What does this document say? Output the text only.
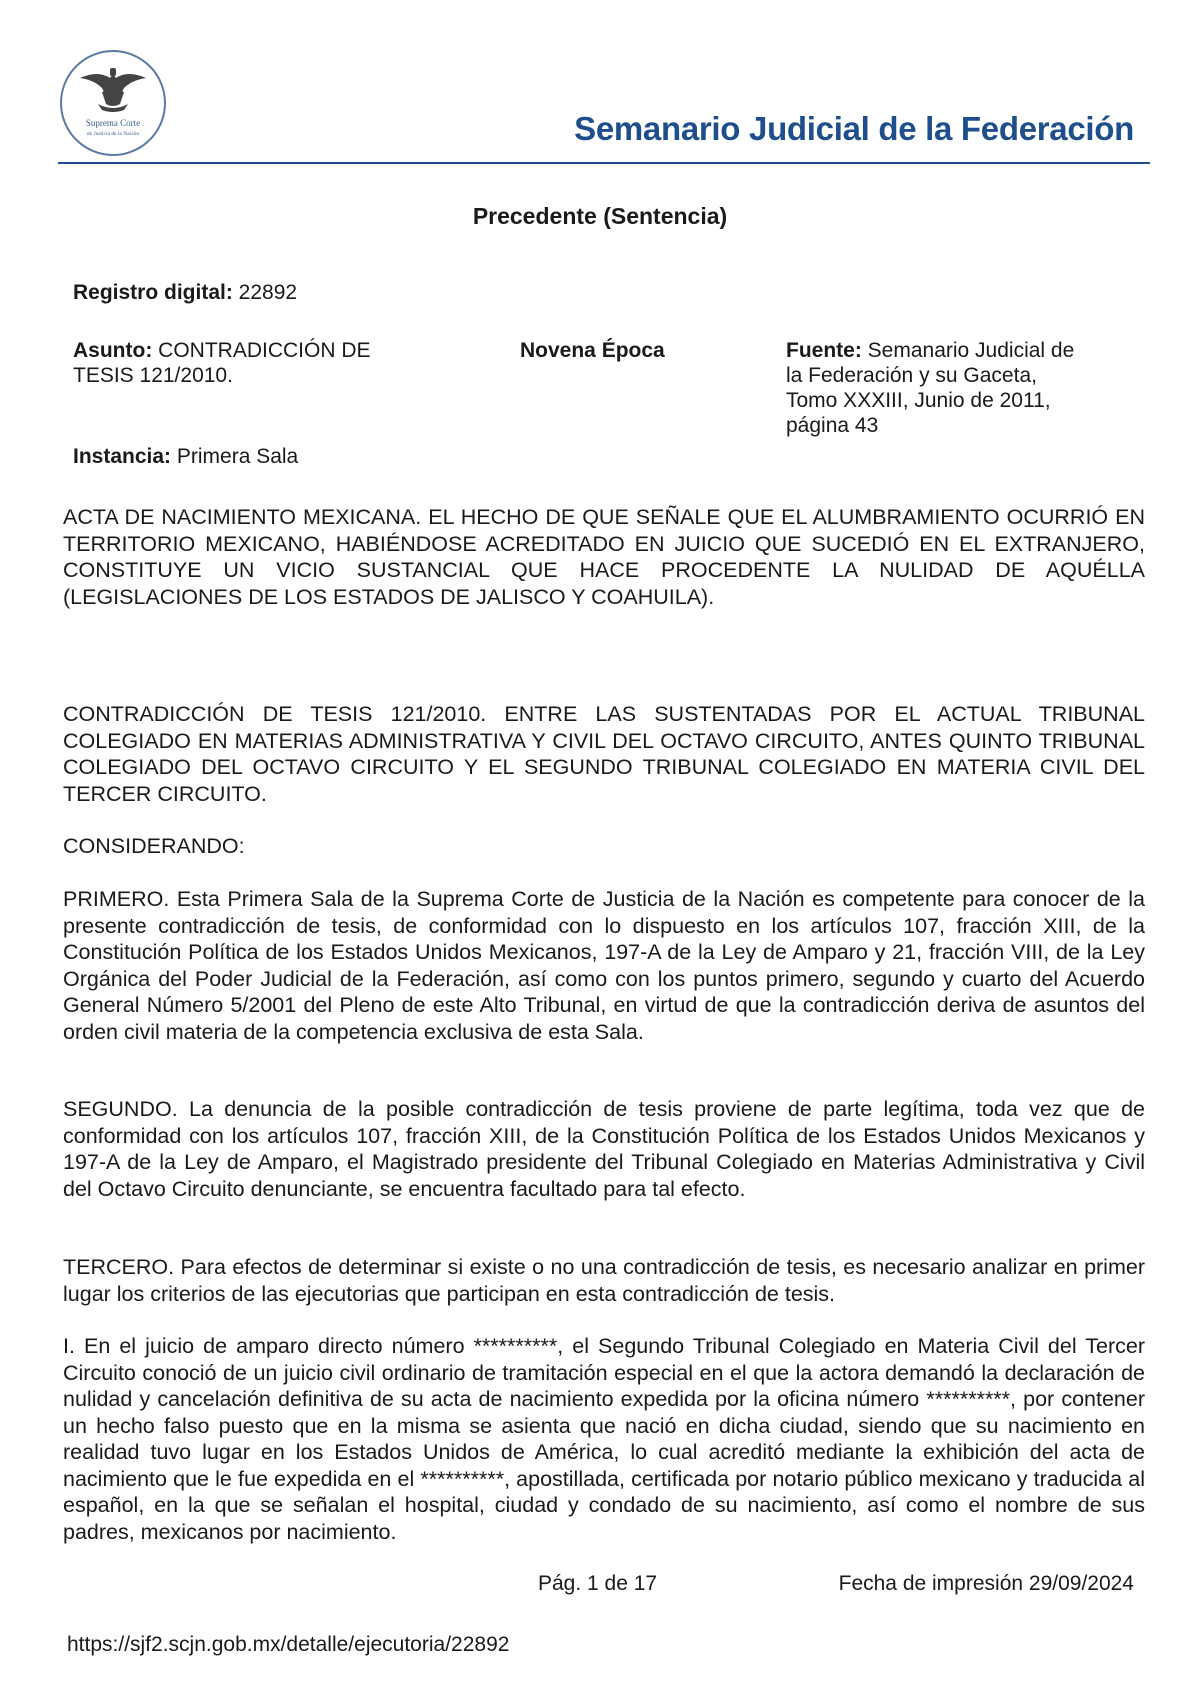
Suprema Corte
de Justicia de la Nación	Semanario Judicial de la Federación
Precedente (Sentencia)
Registro digital: 22892
Asunto: CONTRADICCIÓN DE
TESIS 121/2010.
Novena Época	Fuente: Semanario Judicial de
la Federación y su Gaceta,
Tomo XXXIII, Junio de 2011,
página 43
Instancia: Primera Sala

ACTA DE NACIMIENTO MEXICANA. EL HECHO DE QUE SEÑALE QUE EL ALUMBRAMIENTO OCURRIÓ EN TERRITORIO MEXICANO, HABIÉNDOSE ACREDITADO EN JUICIO QUE SUCEDIÓ EN EL EXTRANJERO, CONSTITUYE UN VICIO SUSTANCIAL QUE HACE PROCEDENTE LA NULIDAD DE AQUÉLLA (LEGISLACIONES DE LOS ESTADOS DE JALISCO Y COAHUILA).

CONTRADICCIÓN DE TESIS 121/2010. ENTRE LAS SUSTENTADAS POR EL ACTUAL TRIBUNAL COLEGIADO EN MATERIAS ADMINISTRATIVA Y CIVIL DEL OCTAVO CIRCUITO, ANTES QUINTO TRIBUNAL COLEGIADO DEL OCTAVO CIRCUITO Y EL SEGUNDO TRIBUNAL COLEGIADO EN MATERIA CIVIL DEL TERCER CIRCUITO.

CONSIDERANDO:

PRIMERO. Esta Primera Sala de la Suprema Corte de Justicia de la Nación es competente para conocer de la presente contradicción de tesis, de conformidad con lo dispuesto en los artículos 107, fracción XIII, de la Constitución Política de los Estados Unidos Mexicanos, 197-A de la Ley de Amparo y 21, fracción VIII, de la Ley Orgánica del Poder Judicial de la Federación, así como con los puntos primero, segundo y cuarto del Acuerdo General Número 5/2001 del Pleno de este Alto Tribunal, en virtud de que la contradicción deriva de asuntos del orden civil materia de la competencia exclusiva de esta Sala.

SEGUNDO. La denuncia de la posible contradicción de tesis proviene de parte legítima, toda vez que de conformidad con los artículos 107, fracción XIII, de la Constitución Política de los Estados Unidos Mexicanos y 197-A de la Ley de Amparo, el Magistrado presidente del Tribunal Colegiado en Materias Administrativa y Civil del Octavo Circuito denunciante, se encuentra facultado para tal efecto.

TERCERO. Para efectos de determinar si existe o no una contradicción de tesis, es necesario analizar en primer lugar los criterios de las ejecutorias que participan en esta contradicción de tesis.

I. En el juicio de amparo directo número **********, el Segundo Tribunal Colegiado en Materia Civil del Tercer Circuito conoció de un juicio civil ordinario de tramitación especial en el que la actora demandó la declaración de nulidad y cancelación definitiva de su acta de nacimiento expedida por la oficina número **********, por contener un hecho falso puesto que en la misma se asienta que nació en dicha ciudad, siendo que su nacimiento en realidad tuvo lugar en los Estados Unidos de América, lo cual acreditó mediante la exhibición del acta de nacimiento que le fue expedida en el **********, apostillada, certificada por notario público mexicano y traducida al español, en la que se señalan el hospital, ciudad y condado de su nacimiento, así como el nombre de sus padres, mexicanos por nacimiento.

Pág. 1 de 17	Fecha de impresión 29/09/2024
https://sjf2.scjn.gob.mx/detalle/ejecutoria/22892
